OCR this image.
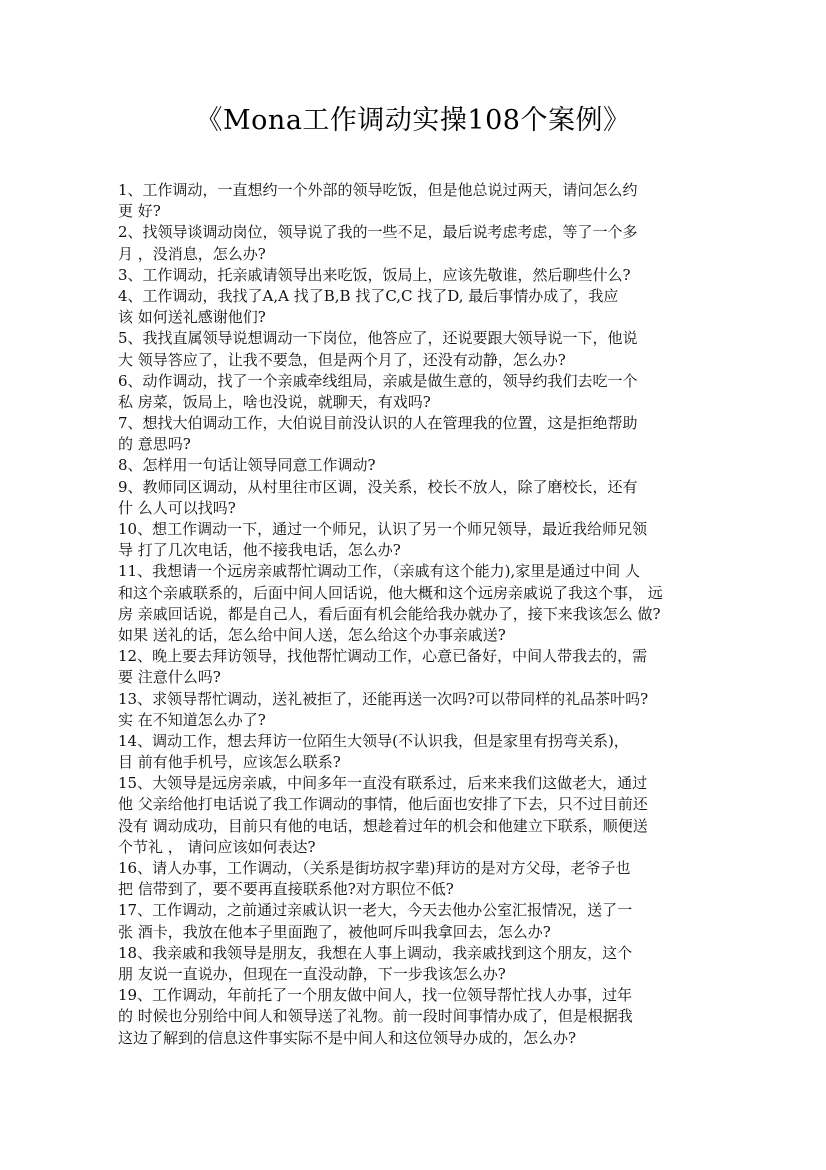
《Mona工作调动实操108个案例》
1、工作调动，一直想约一个外部的领导吃饭，但是他总说过两天，请问怎么约
更 好?
2、找领导谈调动岗位，领导说了我的一些不足，最后说考虑考虑，等了一个多
月 ，没消息，怎么办?
3、工作调动，托亲戚请领导出来吃饭，饭局上，应该先敬谁，然后聊些什么?
4、工作调动，我找了A,A 找了B,B 找了C,C 找了D, 最后事情办成了，我应
该 如何送礼感谢他们?
5、我找直属领导说想调动一下岗位，他答应了，还说要跟大领导说一下，他说
大 领导答应了，让我不要急，但是两个月了，还没有动静，怎么办?
6、动作调动，找了一个亲戚牵线组局，亲戚是做生意的，领导约我们去吃一个
私 房菜，饭局上，啥也没说，就聊天，有戏吗?
7、想找大伯调动工作，大伯说目前没认识的人在管理我的位置，这是拒绝帮助
的 意思吗?
8、怎样用一句话让领导同意工作调动?
9、教师同区调动，从村里往市区调，没关系，校长不放人，除了磨校长，还有
什 么人可以找吗?
10、想工作调动一下，通过一个师兄，认识了另一个师兄领导，最近我给师兄领
导 打了几次电话，他不接我电话，怎么办?
11、我想请一个远房亲戚帮忙调动工作，（亲戚有这个能力),家里是通过中间 人
和这个亲戚联系的，后面中间人回话说，他大概和这个远房亲戚说了我这个事， 远
房 亲戚回话说，都是自己人，看后面有机会能给我办就办了，接下来我该怎么 做?
如果 送礼的话，怎么给中间人送，怎么给这个办事亲戚送?
12、晚上要去拜访领导，找他帮忙调动工作，心意已备好，中间人带我去的，需
要 注意什么吗?
13、求领导帮忙调动，送礼被拒了，还能再送一次吗?可以带同样的礼品茶叶吗?
实 在不知道怎么办了?
14、调动工作，想去拜访一位陌生大领导(不认识我，但是家里有拐弯关系)，
目 前有他手机号，应该怎么联系?
15、大领导是远房亲戚，中间多年一直没有联系过，后来来我们这做老大，通过
他 父亲给他打电话说了我工作调动的事情，他后面也安排了下去，只不过目前还
没有 调动成功，目前只有他的电话，想趁着过年的机会和他建立下联系，顺便送
个节礼 ， 请问应该如何表达?
16、请人办事，工作调动，（关系是街坊叔字辈)拜访的是对方父母，老爷子也
把 信带到了，要不要再直接联系他?对方职位不低?
17、工作调动，之前通过亲戚认识一老大，今天去他办公室汇报情况，送了一
张 酒卡，我放在他本子里面跑了，被他呵斥叫我拿回去，怎么办?
18、我亲戚和我领导是朋友，我想在人事上调动，我亲戚找到这个朋友，这个
朋 友说一直说办，但现在一直没动静，下一步我该怎么办?
19、工作调动，年前托了一个朋友做中间人，找一位领导帮忙找人办事，过年
的 时候也分别给中间人和领导送了礼物。前一段时间事情办成了，但是根据我
这边了解到的信息这件事实际不是中间人和这位领导办成的，怎么办?
